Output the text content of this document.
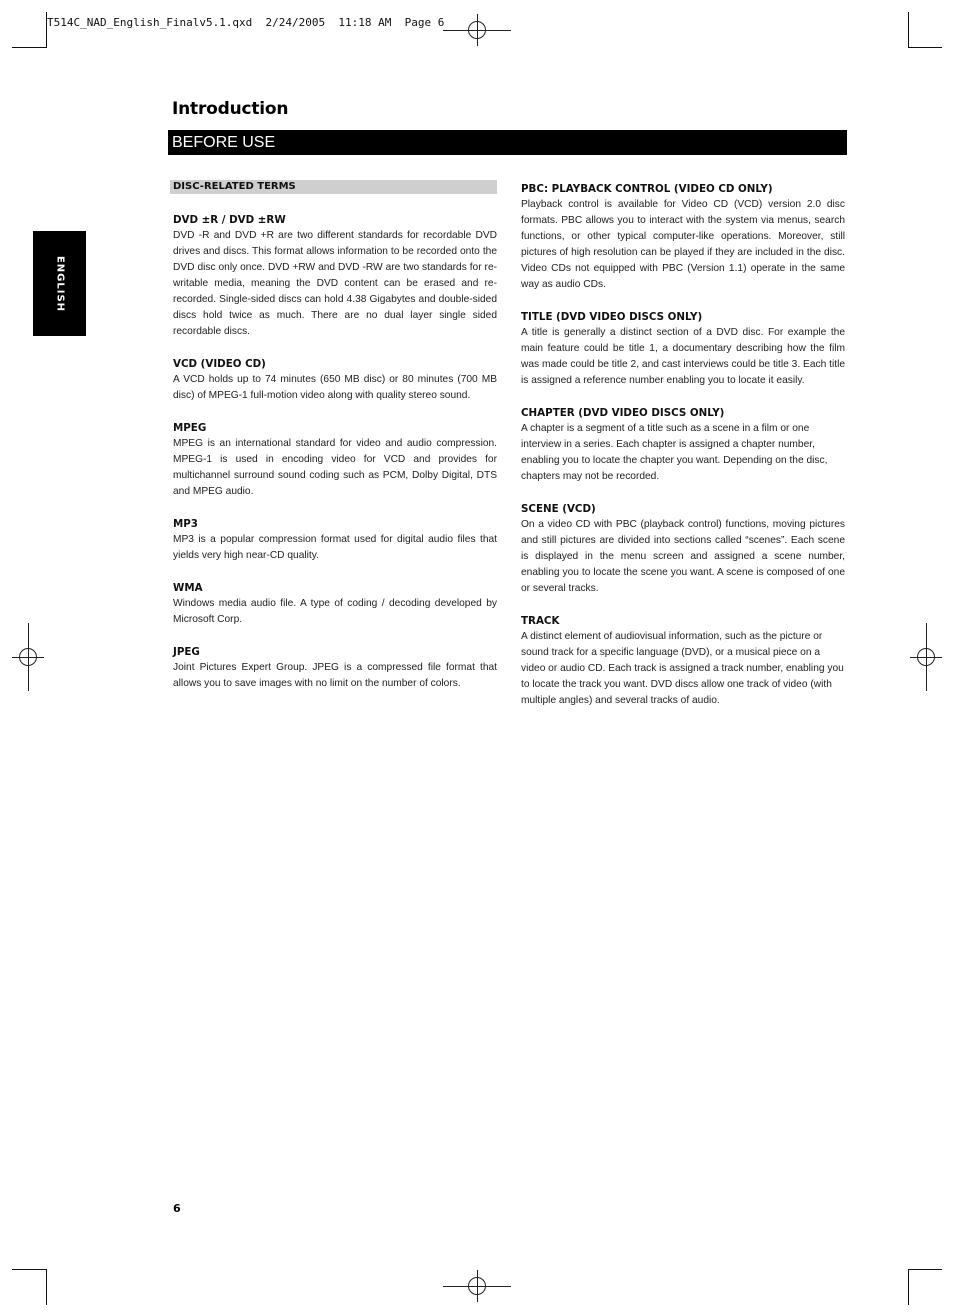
T514C_NAD_English_Finalv5.1.qxd  2/24/2005  11:18 AM  Page 6
Introduction
BEFORE USE
ENGLISH
DISC-RELATED TERMS
DVD ±R / DVD ±RW

DVD -R and DVD +R are two different standards for recordable DVD drives and discs. This format allows information to be recorded onto the DVD disc only once. DVD +RW and DVD -RW are two standards for re-writable media, meaning the DVD content can be erased and re-recorded. Single-sided discs can hold 4.38 Gigabytes and double-sided discs hold twice as much. There are no dual layer single sided recordable discs.

VCD (VIDEO CD)

A VCD holds up to 74 minutes (650 MB disc) or 80 minutes (700 MB disc) of MPEG-1 full-motion video along with quality stereo sound.

MPEG

MPEG is an international standard for video and audio compression. MPEG-1 is used in encoding video for VCD and provides for multichannel surround sound coding such as PCM, Dolby Digital, DTS and MPEG audio.

MP3

MP3 is a popular compression format used for digital audio files that yields very high near-CD quality.

WMA

Windows media audio file. A type of coding / decoding developed by Microsoft Corp.

JPEG

Joint Pictures Expert Group. JPEG is a compressed file format that allows you to save images with no limit on the number of colors.

PBC: PLAYBACK CONTROL (VIDEO CD ONLY)

Playback control is available for Video CD (VCD) version 2.0 disc formats. PBC allows you to interact with the system via menus, search functions, or other typical computer-like operations. Moreover, still pictures of high resolution can be played if they are included in the disc. Video CDs not equipped with PBC (Version 1.1) operate in the same way as audio CDs.

TITLE (DVD VIDEO DISCS ONLY)

A title is generally a distinct section of a DVD disc. For example the main feature could be title 1, a documentary describing how the film was made could be title 2, and cast interviews could be title 3. Each title is assigned a reference number enabling you to locate it easily.

CHAPTER (DVD VIDEO DISCS ONLY)

A chapter is a segment of a title such as a scene in a film or one interview in a series. Each chapter is assigned a chapter number, enabling you to locate the chapter you want. Depending on the disc, chapters may not be recorded.

SCENE (VCD)

On a video CD with PBC (playback control) functions, moving pictures and still pictures are divided into sections called “scenes”. Each scene is displayed in the menu screen and assigned a scene number, enabling you to locate the scene you want. A scene is composed of one or several tracks.

TRACK

A distinct element of audiovisual information, such as the picture or sound track for a specific language (DVD), or a musical piece on a video or audio CD. Each track is assigned a track number, enabling you to locate the track you want. DVD discs allow one track of video (with multiple angles) and several tracks of audio.

6
